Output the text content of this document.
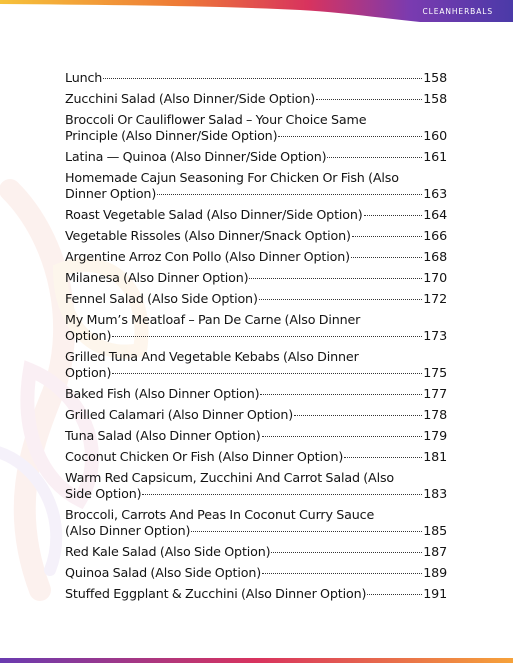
CLEANHERBALS
Lunch	158
Zucchini Salad (Also Dinner/Side Option)	158
Broccoli Or Cauliflower Salad – Your Choice Same
Principle (Also Dinner/Side Option)	160
Latina — Quinoa (Also Dinner/Side Option)	161
Homemade Cajun Seasoning For Chicken Or Fish (Also
Dinner Option)	163
Roast Vegetable Salad (Also Dinner/Side Option)	164
Vegetable Rissoles (Also Dinner/Snack Option)	166
Argentine Arroz Con Pollo (Also Dinner Option)	168
Milanesa (Also Dinner Option)	170
Fennel Salad (Also Side Option)	172
My Mum’s Meatloaf – Pan De Carne (Also Dinner
Option)	173
Grilled Tuna And Vegetable Kebabs (Also Dinner
Option)	175
Baked Fish (Also Dinner Option)	177
Grilled Calamari (Also Dinner Option)	178
Tuna Salad (Also Dinner Option)	179
Coconut Chicken Or Fish (Also Dinner Option)	181
Warm Red Capsicum, Zucchini And Carrot Salad (Also
Side Option)	183
Broccoli, Carrots And Peas In Coconut Curry Sauce
(Also Dinner Option)	185
Red Kale Salad (Also Side Option)	187
Quinoa Salad (Also Side Option)	189
Stuffed Eggplant & Zucchini (Also Dinner Option)	191
